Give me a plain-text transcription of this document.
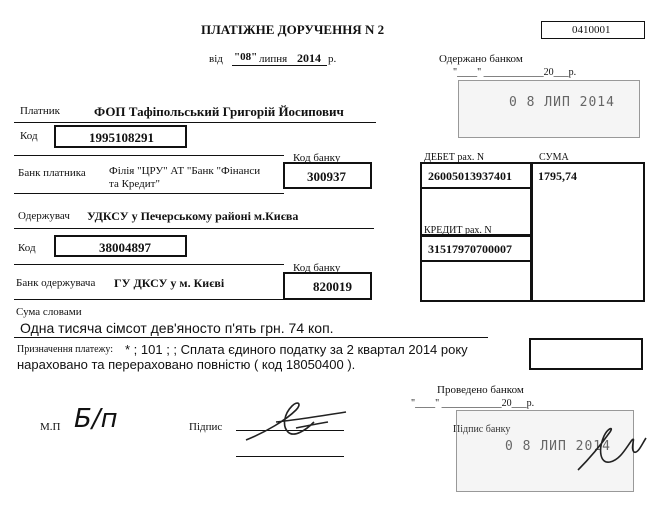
ПЛАТІЖНЕ ДОРУЧЕННЯ N 2	0410001
від "08" липня 2014 р.	Одержано банком
"____" ____________20___р.
0 8 ЛИП 2014
Платник	ФОП Тафіпольський Григорій Йосипович
Код	1995108291
Банк платника Філія "ЦРУ" АТ "Банк "Фінанси
та Кредит"
Код банку
300937
ДЕБЕТ рах. N
26005013937401
СУМА
1795,74
Одержувач УДКСУ у Печерському районі м.Києва
Код	38004897
КРЕДИТ рах. N
31517970700007
Банк одержувача ГУ ДКСУ у м. Києві
Код банку
820019
Сума словами
Одна тисяча сімсот дев'яносто п'ять грн. 74 коп.
Призначення платежу: * ; 101 ; ; Сплата єдиного податку за 2 квартал 2014 року
нараховано та перераховано повністю ( код 18050400 ).
Проведено банком
"____" ____________20___р.
М.П Б/п	Підпис	Підпис банку
0 8 ЛИП 2014
